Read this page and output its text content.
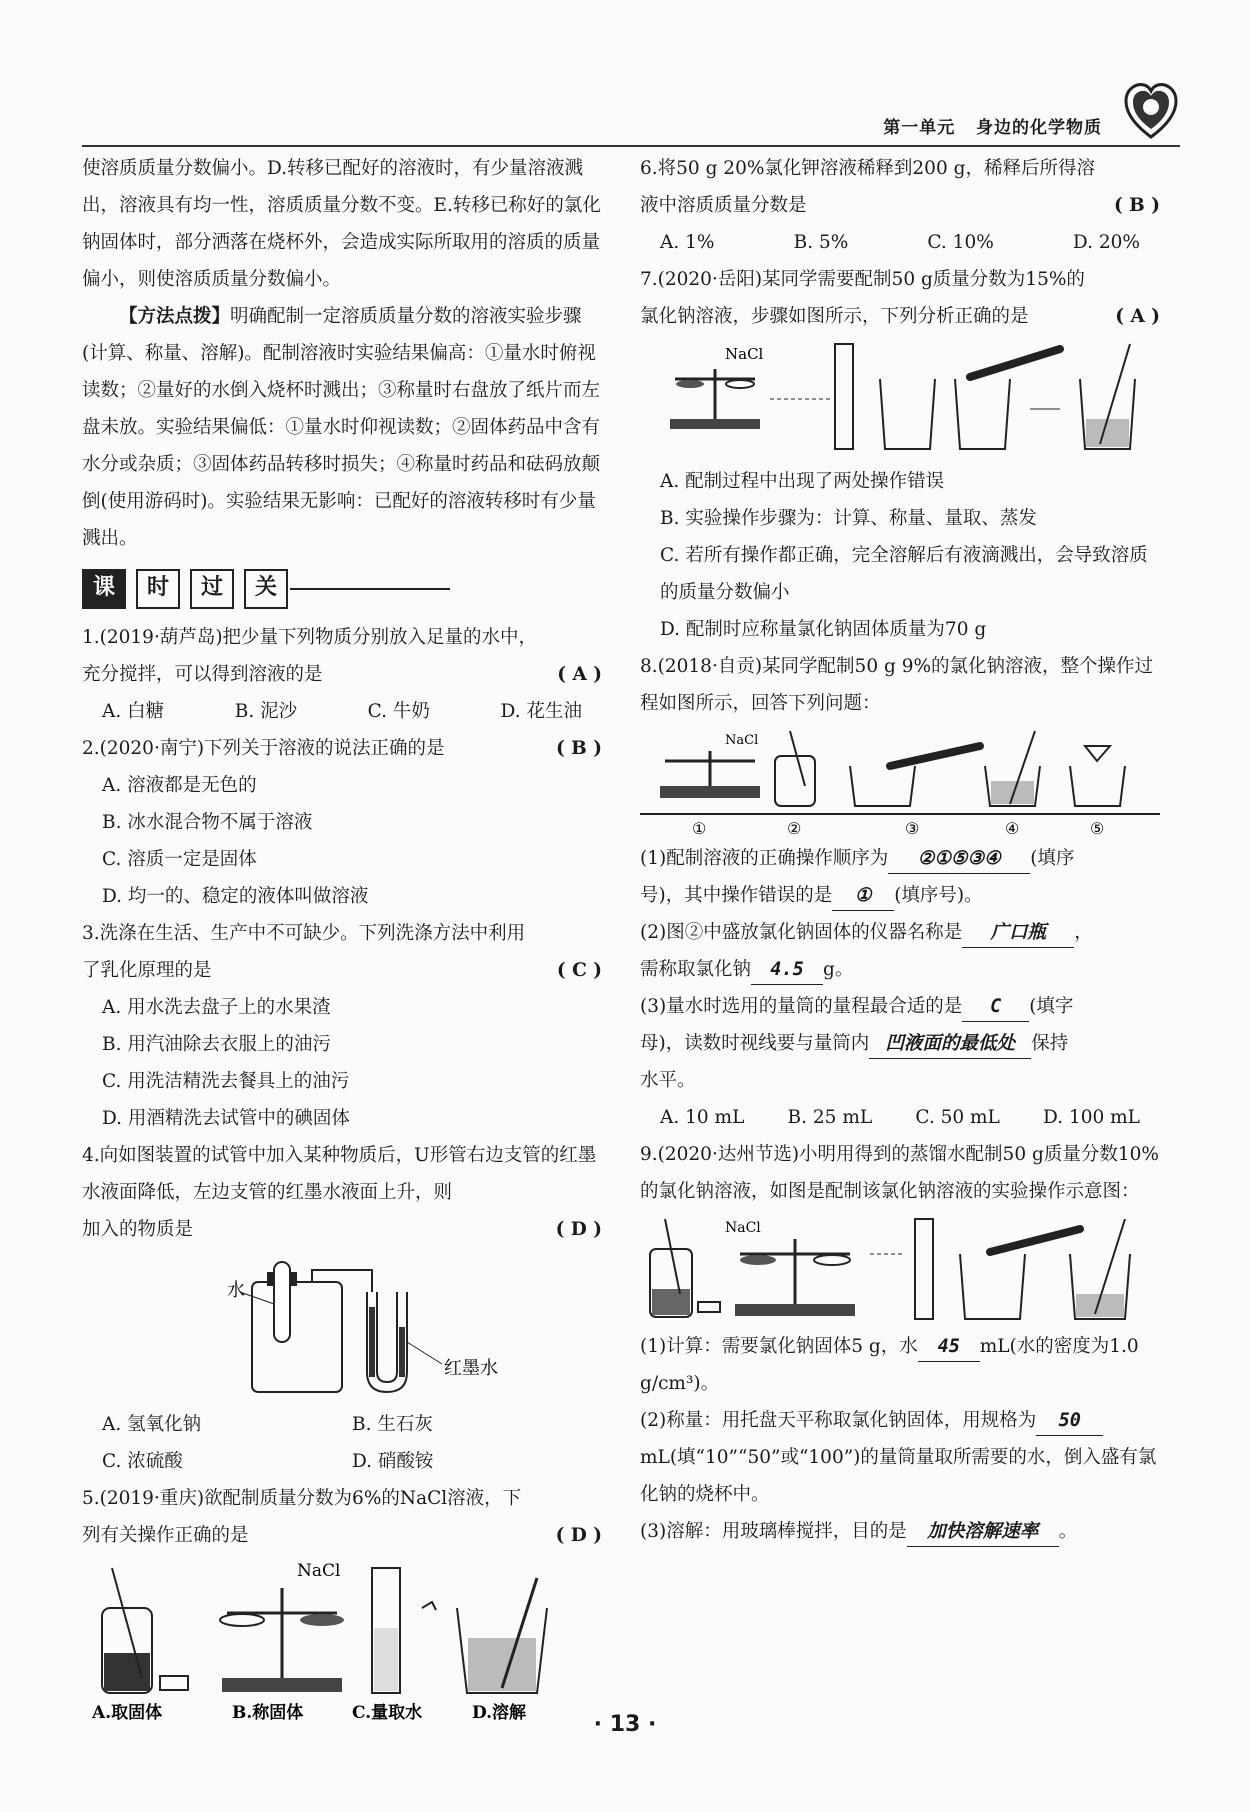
第一单元 身边的化学物质

使溶质质量分数偏小。D.转移已配好的溶液时，有少量溶液溅出，溶液具有均一性，溶质质量分数不变。E.转移已称好的氯化钠固体时，部分洒落在烧杯外，会造成实际所取用的溶质的质量偏小，则使溶质质量分数偏小。

【方法点拨】明确配制一定溶质质量分数的溶液实验步骤(计算、称量、溶解)。配制溶液时实验结果偏高：①量水时俯视读数；②量好的水倒入烧杯时溅出；③称量时右盘放了纸片而左盘未放。实验结果偏低：①量水时仰视读数；②固体药品中含有水分或杂质；③固体药品转移时损失；④称量时药品和砝码放颠倒(使用游码时)。实验结果无影响：已配好的溶液转移时有少量溅出。

课	时	过	关

1.(2019·葫芦岛)把少量下列物质分别放入足量的水中，

充分搅拌，可以得到溶液的是	( A )

A. 白糖	B. 泥沙	C. 牛奶	D. 花生油

2.(2020·南宁)下列关于溶液的说法正确的是	( B )

A. 溶液都是无色的

B. 冰水混合物不属于溶液

C. 溶质一定是固体

D. 均一的、稳定的液体叫做溶液

3.洗涤在生活、生产中不可缺少。下列洗涤方法中利用

了乳化原理的是	( C )

A. 用水洗去盘子上的水果渣

B. 用汽油除去衣服上的油污

C. 用洗洁精洗去餐具上的油污

D. 用酒精洗去试管中的碘固体

4.向如图装置的试管中加入某种物质后，U形管右边支管的红墨水液面降低，左边支管的红墨水液面上升，则

加入的物质是	( D )

水
红墨水
A. 氢氧化钠	B. 生石灰
C. 浓硫酸	D. 硝酸铵

5.(2019·重庆)欲配制质量分数为6%的NaCl溶液，下

列有关操作正确的是	( D )

NaCl
A.取固体	B.称固体	C.量取水	D.溶解

6.将50 g 20%氯化钾溶液稀释到200 g，稀释后所得溶

液中溶质质量分数是	( B )

A. 1%	B. 5%	C. 10%	D. 20%

7.(2020·岳阳)某同学需要配制50 g质量分数为15%的

氯化钠溶液，步骤如图所示，下列分析正确的是	( A )

NaCl

A. 配制过程中出现了两处操作错误

B. 实验操作步骤为：计算、称量、量取、蒸发

C. 若所有操作都正确，完全溶解后有液滴溅出，会导致溶质的质量分数偏小

D. 配制时应称量氯化钠固体质量为70 g

8.(2018·自贡)某同学配制50 g 9%的氯化钠溶液，整个操作过程如图所示，回答下列问题：

NaCl
①	②	③	④	⑤

(1)配制溶液的正确操作顺序为 ②①⑤③④ (填序

号)，其中操作错误的是 ① (填序号)。

(2)图②中盛放氯化钠固体的仪器名称是 广口瓶 ，

需称取氯化钠 4.5 g。

(3)量水时选用的量筒的量程最合适的是 C (填字

母)，读数时视线要与量筒内 凹液面的最低处 保持

水平。

A. 10 mL B. 25 mL C. 50 mL D. 100 mL

9.(2020·达州节选)小明用得到的蒸馏水配制50 g质量分数10%的氯化钠溶液，如图是配制该氯化钠溶液的实验操作示意图：

NaCl

(1)计算：需要氯化钠固体5 g，水 45 mL(水的密度为1.0 g/cm³)。

(2)称量：用托盘天平称取氯化钠固体，用规格为 50mL(填“10”“50”或“100”)的量筒量取所需要的水，倒入盛有氯化钠的烧杯中。

(3)溶解：用玻璃棒搅拌，目的是 加快溶解速率 。

· 13 ·
